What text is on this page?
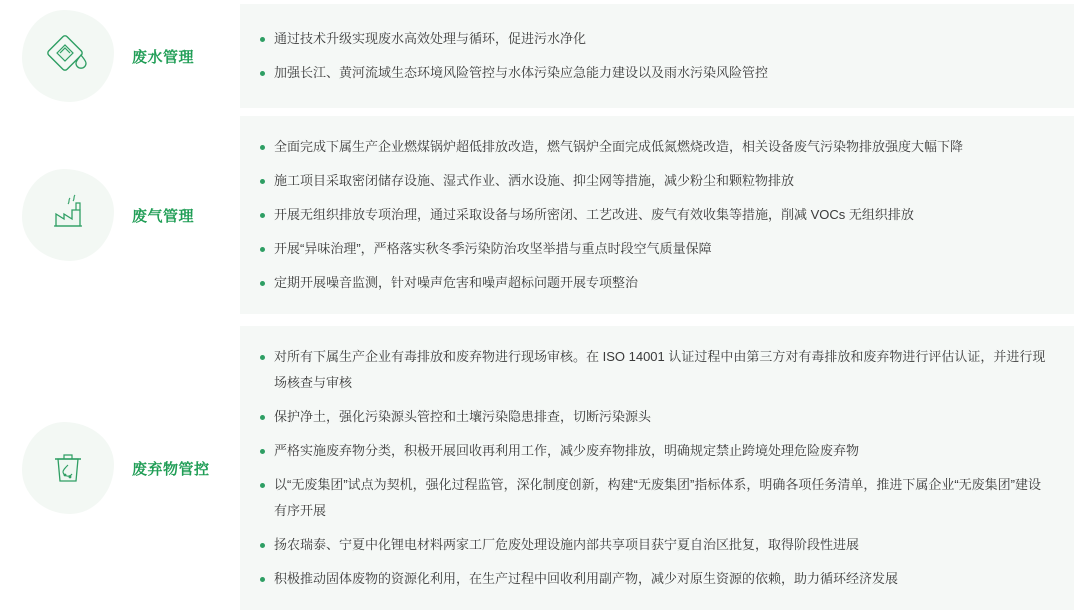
废水管理
通过技术升级实现废水高效处理与循环，促进污水净化
加强长江、黄河流域生态环境风险管控与水体污染应急能力建设以及雨水污染风险管控
废气管理
全面完成下属生产企业燃煤锅炉超低排放改造，燃气锅炉全面完成低氮燃烧改造，相关设备废气污染物排放强度大幅下降
施工项目采取密闭储存设施、湿式作业、洒水设施、抑尘网等措施，减少粉尘和颗粒物排放
开展无组织排放专项治理，通过采取设备与场所密闭、工艺改进、废气有效收集等措施，削减 VOCs 无组织排放
开展“异味治理”，严格落实秋冬季污染防治攻坚举措与重点时段空气质量保障
定期开展噪音监测，针对噪声危害和噪声超标问题开展专项整治
废弃物管控
对所有下属生产企业有毒排放和废弃物进行现场审核。在 ISO 14001 认证过程中由第三方对有毒排放和废弃物进行评估认证，并进行现场核查与审核
保护净土，强化污染源头管控和土壤污染隐患排查，切断污染源头
严格实施废弃物分类，积极开展回收再利用工作，减少废弃物排放，明确规定禁止跨境处理危险废弃物
以“无废集团”试点为契机，强化过程监管，深化制度创新，构建“无废集团”指标体系，明确各项任务清单，推进下属企业“无废集团”建设有序开展
扬农瑞泰、宁夏中化锂电材料两家工厂危废处理设施内部共享项目获宁夏自治区批复，取得阶段性进展
积极推动固体废物的资源化利用，在生产过程中回收利用副产物，减少对原生资源的依赖，助力循环经济发展
